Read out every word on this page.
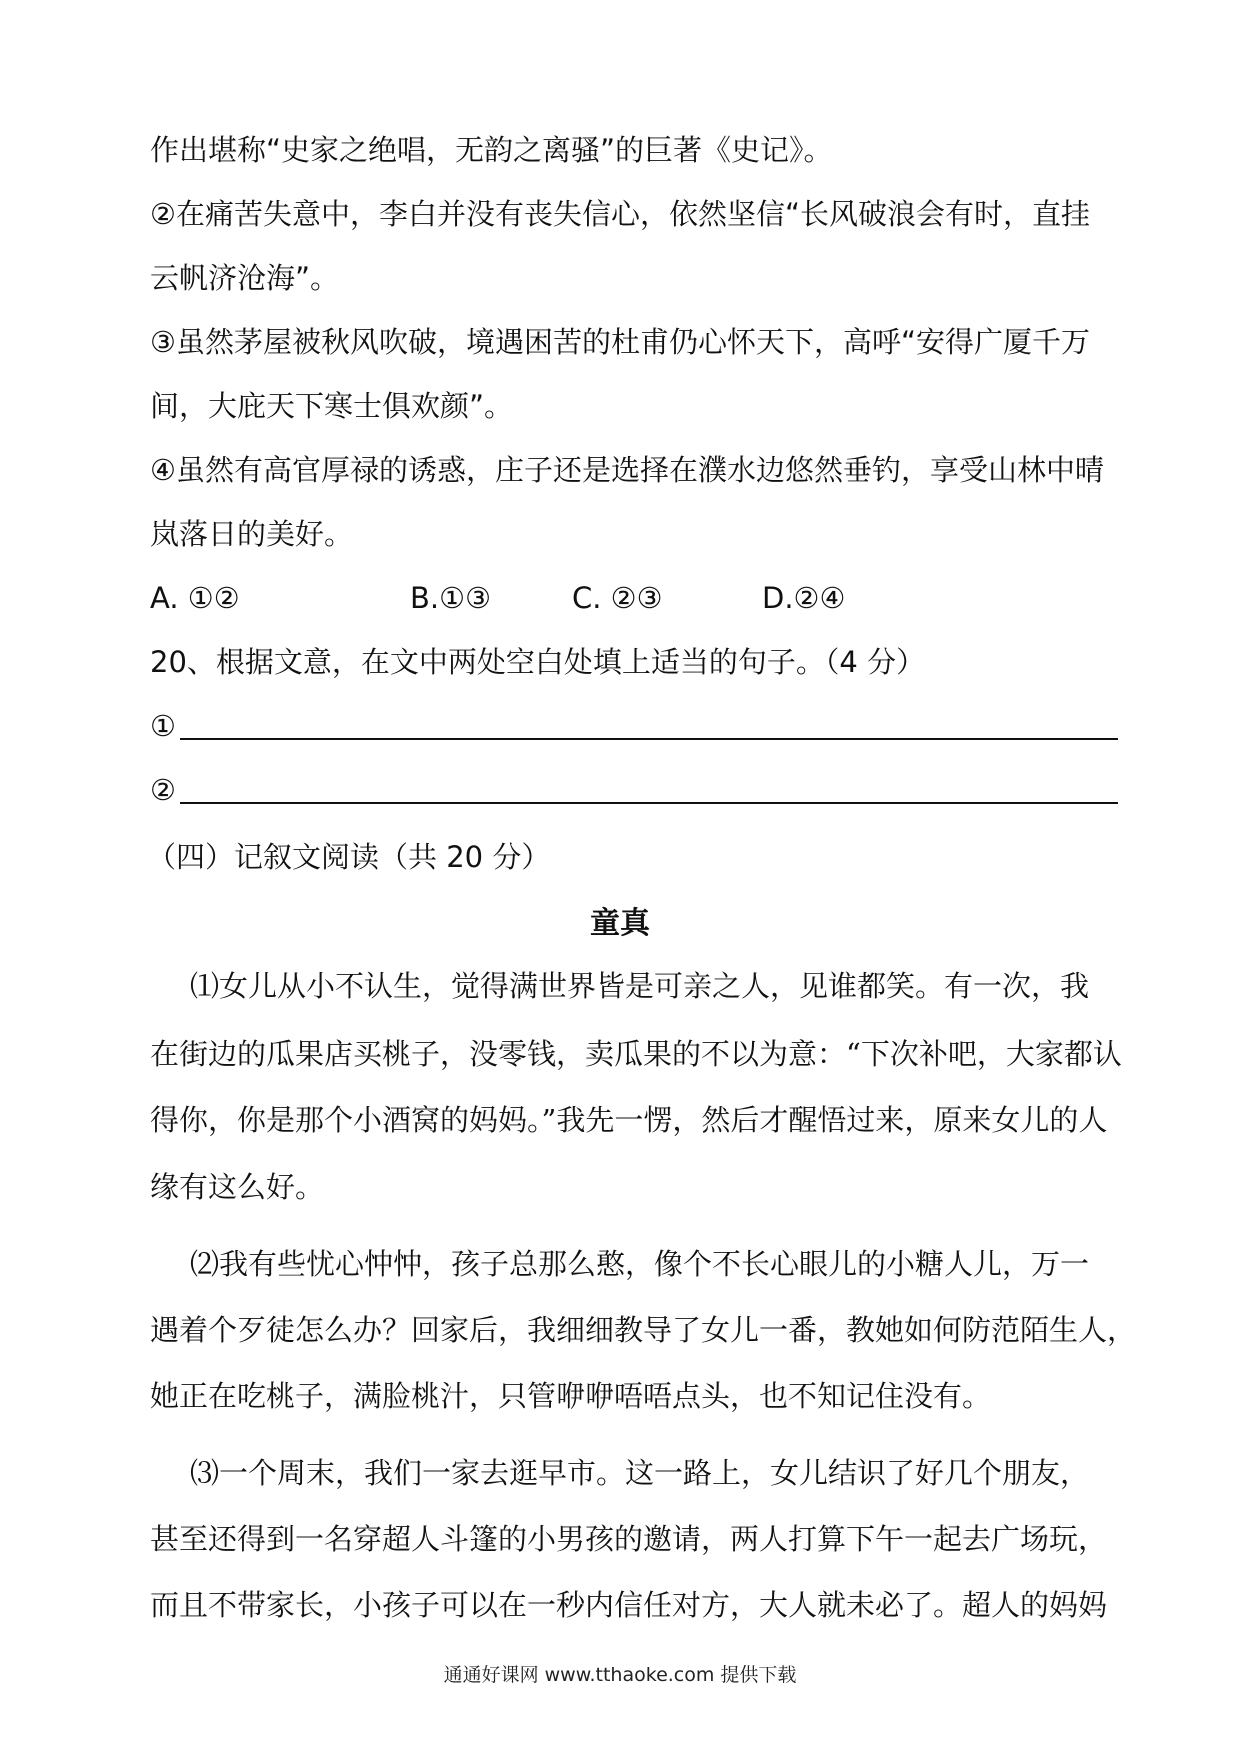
作出堪称“史家之绝唱，无韵之离骚”的巨著《史记》。
②在痛苦失意中，李白并没有丧失信心，依然坚信“长风破浪会有时，直挂
云帆济沧海”。
③虽然茅屋被秋风吹破，境遇困苦的杜甫仍心怀天下，高呼“安得广厦千万
间，大庇天下寒士俱欢颜”。
④虽然有高官厚禄的诱惑，庄子还是选择在濮水边悠然垂钓，享受山林中晴
岚落日的美好。
A. ①②	B.①③	C. ②③	D.②④
20、根据文意，在文中两处空白处填上适当的句子。（4 分）
①
②
（四）记叙文阅读（共 20 分）
童真
⑴女儿从小不认生，觉得满世界皆是可亲之人，见谁都笑。有一次，我
在街边的瓜果店买桃子，没零钱，卖瓜果的不以为意：“下次补吧，大家都认
得你，你是那个小酒窝的妈妈。”我先一愣，然后才醒悟过来，原来女儿的人
缘有这么好。
⑵我有些忧心忡忡，孩子总那么憨，像个不长心眼儿的小糖人儿，万一
遇着个歹徒怎么办？回家后，我细细教导了女儿一番，教她如何防范陌生人，
她正在吃桃子，满脸桃汁，只管咿咿唔唔点头，也不知记住没有。
⑶一个周末，我们一家去逛早市。这一路上，女儿结识了好几个朋友，
甚至还得到一名穿超人斗篷的小男孩的邀请，两人打算下午一起去广场玩，
而且不带家长，小孩子可以在一秒内信任对方，大人就未必了。超人的妈妈
通通好课网 www.tthaoke.com 提供下载
